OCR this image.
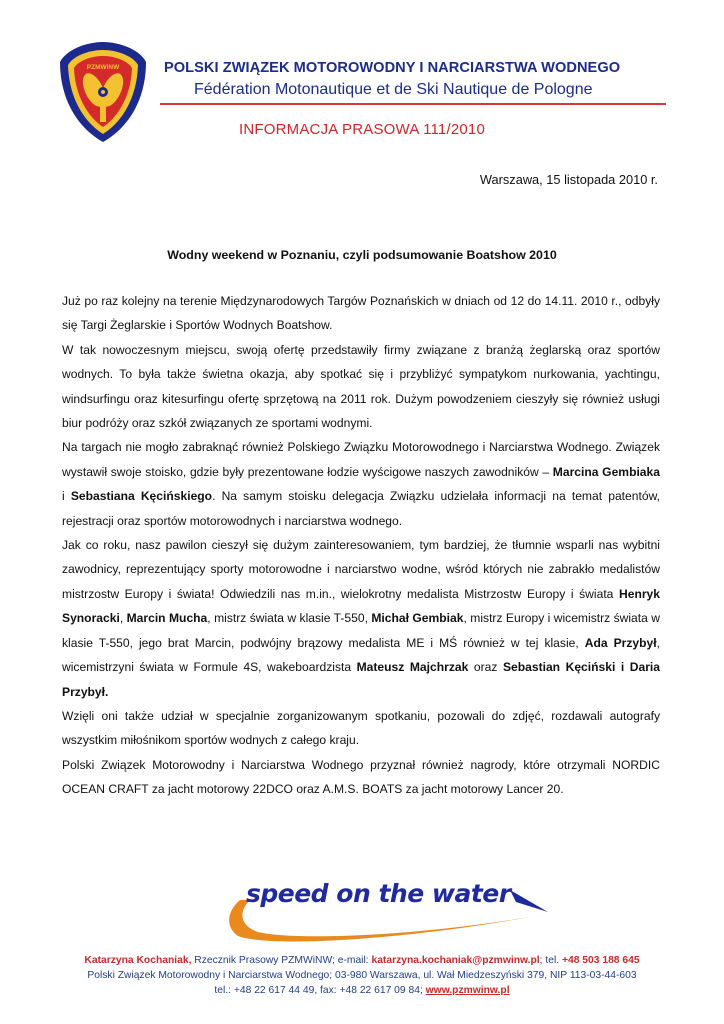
PZMWiNW	POLSKI ZWIĄZEK MOTOROWODNY I NARCIARSTWA WODNEGO
Fédération Motonautique et de Ski Nautique de Pologne
INFORMACJA PRASOWA 111/2010
Warszawa, 15 listopada 2010 r.
Wodny weekend w Poznaniu, czyli podsumowanie Boatshow 2010

Już po raz kolejny na terenie Międzynarodowych Targów Poznańskich w dniach od 12 do 14.11. 2010 r., odbyły się Targi Żeglarskie i Sportów Wodnych Boatshow.

W tak nowoczesnym miejscu, swoją ofertę przedstawiły firmy związane z branżą żeglarską oraz sportów wodnych. To była także świetna okazja, aby spotkać się i przybliżyć sympatykom nurkowania, yachtingu, windsurfingu oraz kitesurfingu ofertę sprzętową na 2011 rok. Dużym powodzeniem cieszyły się również usługi biur podróży oraz szkół związanych ze sportami wodnymi.

Na targach nie mogło zabraknąć również Polskiego Związku Motorowodnego i Narciarstwa Wodnego. Związek wystawił swoje stoisko, gdzie były prezentowane łodzie wyścigowe naszych zawodników – Marcina Gembiaka i Sebastiana Kęcińskiego. Na samym stoisku delegacja Związku udzielała informacji na temat patentów, rejestracji oraz sportów motorowodnych i narciarstwa wodnego.

Jak co roku, nasz pawilon cieszył się dużym zainteresowaniem, tym bardziej, że tłumnie wsparli nas wybitni zawodnicy, reprezentujący sporty motorowodne i narciarstwo wodne, wśród których nie zabrakło medalistów mistrzostw Europy i świata! Odwiedzili nas m.in., wielokrotny medalista Mistrzostw Europy i świata Henryk Synoracki, Marcin Mucha, mistrz świata w klasie T-550, Michał Gembiak, mistrz Europy i wicemistrz świata w klasie T-550, jego brat Marcin, podwójny brązowy medalista ME i MŚ również w tej klasie, Ada Przybył, wicemistrzyni świata w Formule 4S, wakeboardzista Mateusz Majchrzak oraz Sebastian Kęciński i Daria Przybył.

Wzięli oni także udział w specjalnie zorganizowanym spotkaniu, pozowali do zdjęć, rozdawali autografy wszystkim miłośnikom sportów wodnych z całego kraju.

Polski Związek Motorowodny i Narciarstwa Wodnego przyznał również nagrody, które otrzymali NORDIC OCEAN CRAFT za jacht motorowy 22DCO oraz A.M.S. BOATS za jacht motorowy Lancer 20.

speed on the water
Katarzyna Kochaniak, Rzecznik Prasowy PZMWiNW; e-mail: katarzyna.kochaniak@pzmwinw.pl; tel. +48 503 188 645
Polski Związek Motorowodny i Narciarstwa Wodnego; 03-980 Warszawa, ul. Wał Miedzeszyński 379, NIP 113-03-44-603
tel.: +48 22 617 44 49, fax: +48 22 617 09 84; www.pzmwinw.pl
